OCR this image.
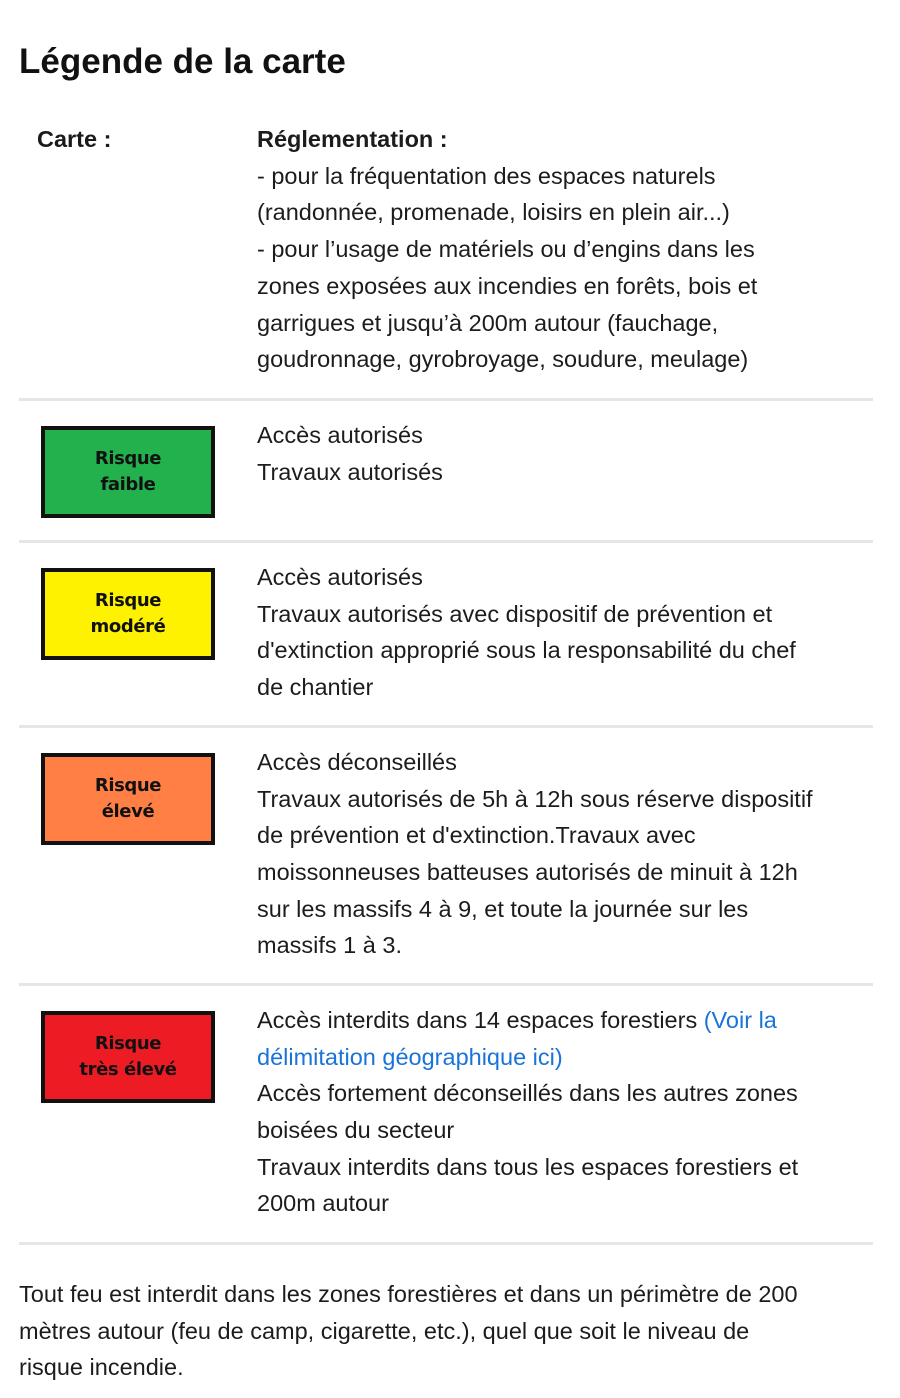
Légende de la carte
Carte :	Réglementation :
- pour la fréquentation des espaces naturels
(randonnée, promenade, loisirs en plein air...)
- pour l’usage de matériels ou d’engins dans les
zones exposées aux incendies en forêts, bois et
garrigues et jusqu’à 200m autour (fauchage,
goudronnage, gyrobroyage, soudure, meulage)
Risque
faible
Accès autorisés
Travaux autorisés
Risque
modéré
Accès autorisés
Travaux autorisés avec dispositif de prévention et
d'extinction approprié sous la responsabilité du chef
de chantier
Risque
élevé
Accès déconseillés
Travaux autorisés de 5h à 12h sous réserve dispositif
de prévention et d'extinction.Travaux avec
moissonneuses batteuses autorisés de minuit à 12h
sur les massifs 4 à 9, et toute la journée sur les
massifs 1 à 3.
Risque
très élevé
Accès interdits dans 14 espaces forestiers (Voir la
délimitation géographique ici)
Accès fortement déconseillés dans les autres zones
boisées du secteur
Travaux interdits dans tous les espaces forestiers et
200m autour
Tout feu est interdit dans les zones forestières et dans un périmètre de 200
mètres autour (feu de camp, cigarette, etc.), quel que soit le niveau de
risque incendie.
